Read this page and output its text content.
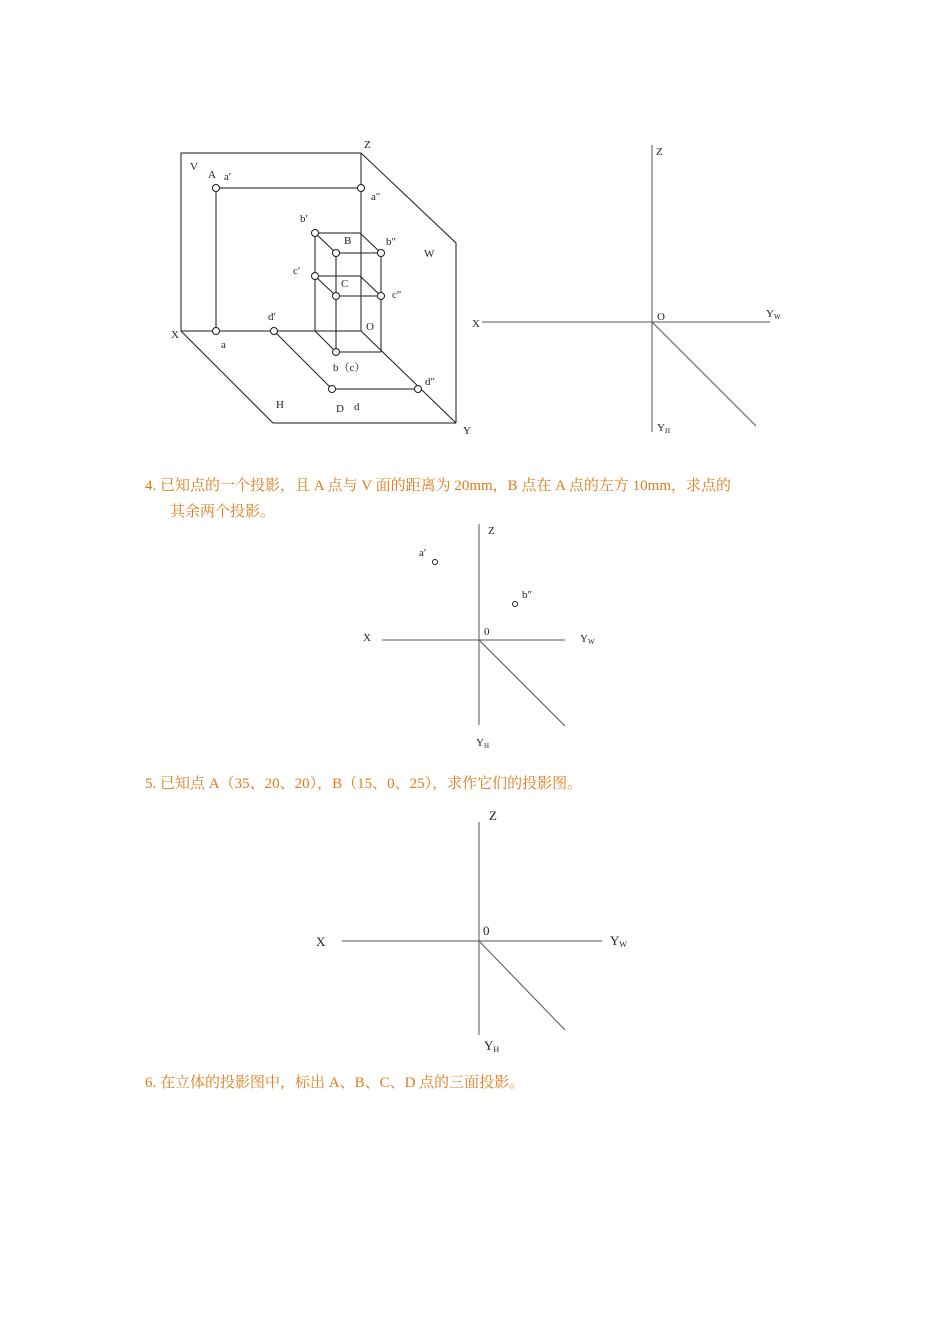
Z
V
A a′
a″
b′
B	b″
W
c′
C
c″
d′
O
X
a
b（c）
d″
H	D d
Y
Z
X
O	YW
YH

4. 已知点的一个投影，且 A 点与 V 面的距离为 20mm，B 点在 A 点的左方 10mm，求点的

其余两个投影。

Z
a′
b″
X	0
YW
YH
Z
X
0
YW
YH

5. 已知点 A（35、20、20），B（15、0、25），求作它们的投影图。

6. 在立体的投影图中，标出 A、B、C、D 点的三面投影。
